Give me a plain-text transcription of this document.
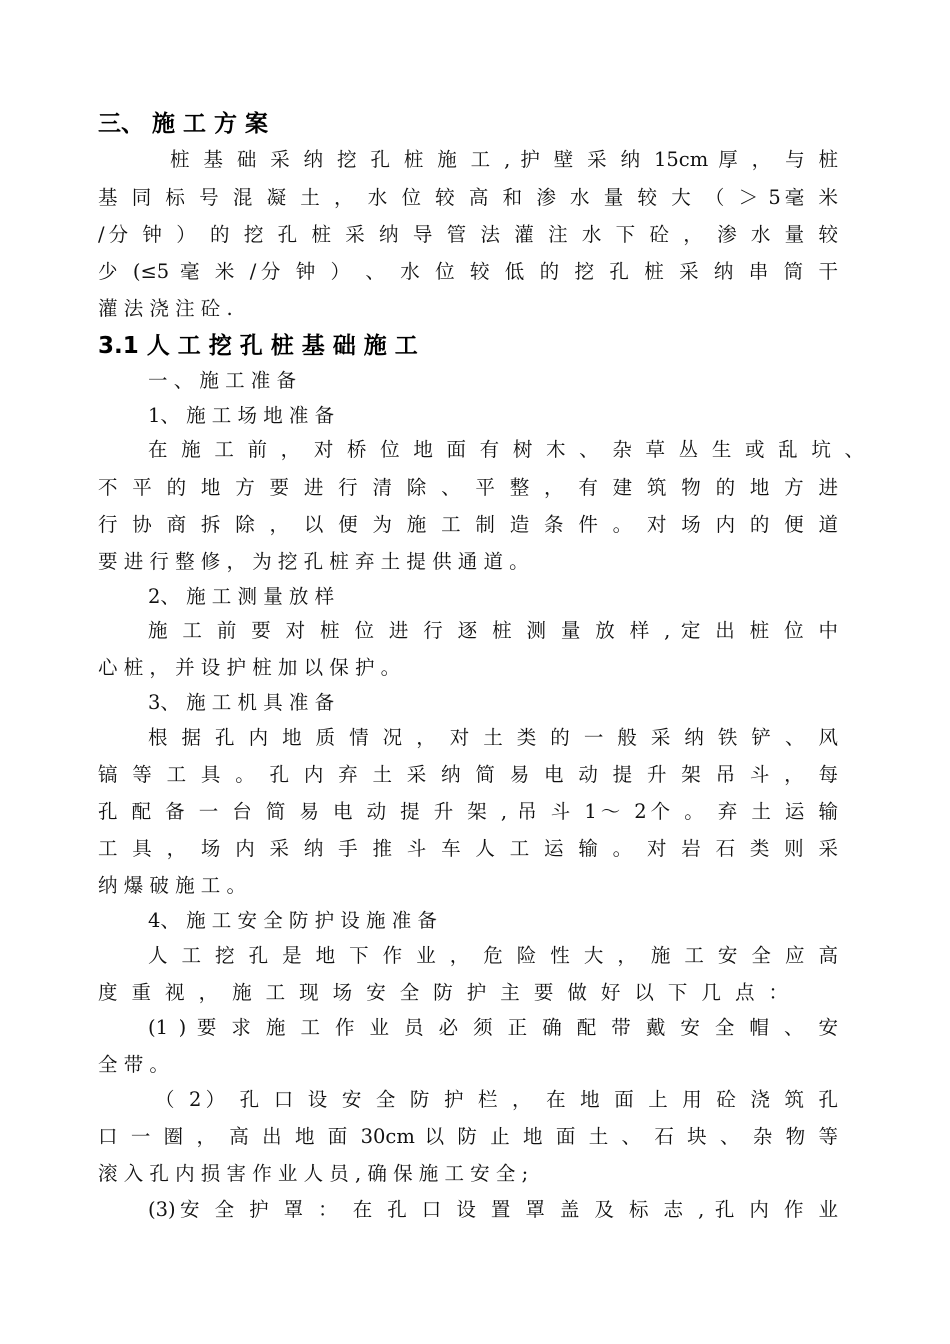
三、 施 工 方 案
桩 基 础 采 纳 挖 孔 桩 施 工 , 护 壁 采 纳 15cm 厚 ， 与 桩
基 同 标 号 混 凝 土 ， 水 位 较 高 和 渗 水 量 较 大 （ ＞ 5毫 米
/分 钟 ） 的 挖 孔 桩 采 纳 导 管 法 灌 注 水 下 砼 ， 渗 水 量 较
少 (≤5 毫 米 /分 钟 ） 、 水 位 较 低 的 挖 孔 桩 采 纳 串 筒 干
灌 法 浇 注 砼 .
3.1 人 工 挖 孔 桩 基 础 施 工
一 、 施 工 准 备
1、 施 工 场 地 准 备
在 施 工 前 ， 对 桥 位 地 面 有 树 木 、 杂 草 丛 生 或 乱 坑 、
不 平 的 地 方 要 进 行 清 除 、 平 整 ， 有 建 筑 物 的 地 方 进
行 协 商 拆 除 ， 以 便 为 施 工 制 造 条 件 。 对 场 内 的 便 道
要 进 行 整 修 ， 为 挖 孔 桩 弃 土 提 供 通 道 。
2、 施 工 测 量 放 样
施 工 前 要 对 桩 位 进 行 逐 桩 测 量 放 样 , 定 出 桩 位 中
心 桩 ， 并 设 护 桩 加 以 保 护 。
3、 施 工 机 具 准 备
根 据 孔 内 地 质 情 况 ， 对 土 类 的 一 般 采 纳 铁 铲 、 风
镐 等 工 具 。 孔 内 弃 土 采 纳 简 易 电 动 提 升 架 吊 斗 ， 每
孔 配 备 一 台 简 易 电 动 提 升 架 , 吊 斗 1～ 2个 。 弃 土 运 输
工 具 ， 场 内 采 纳 手 推 斗 车 人 工 运 输 。 对 岩 石 类 则 采
纳 爆 破 施 工 。
4、 施 工 安 全 防 护 设 施 准 备
人 工 挖 孔 是 地 下 作 业 ， 危 险 性 大 ， 施 工 安 全 应 高
度 重 视 ， 施 工 现 场 安 全 防 护 主 要 做 好 以 下 几 点 ：
(1 ) 要 求 施 工 作 业 员 必 须 正 确 配 带 戴 安 全 帽 、 安
全 带 。
（ 2） 孔 口 设 安 全 防 护 栏 ， 在 地 面 上 用 砼 浇 筑 孔
口 一 圈 ， 高 出 地 面 30cm 以 防 止 地 面 土 、 石 块 、 杂 物 等
滚 入 孔 内 损 害 作 业 人 员 , 确 保 施 工 安 全 ;
(3)安 全 护 罩 ： 在 孔 口 设 置 罩 盖 及 标 志 , 孔 内 作 业
